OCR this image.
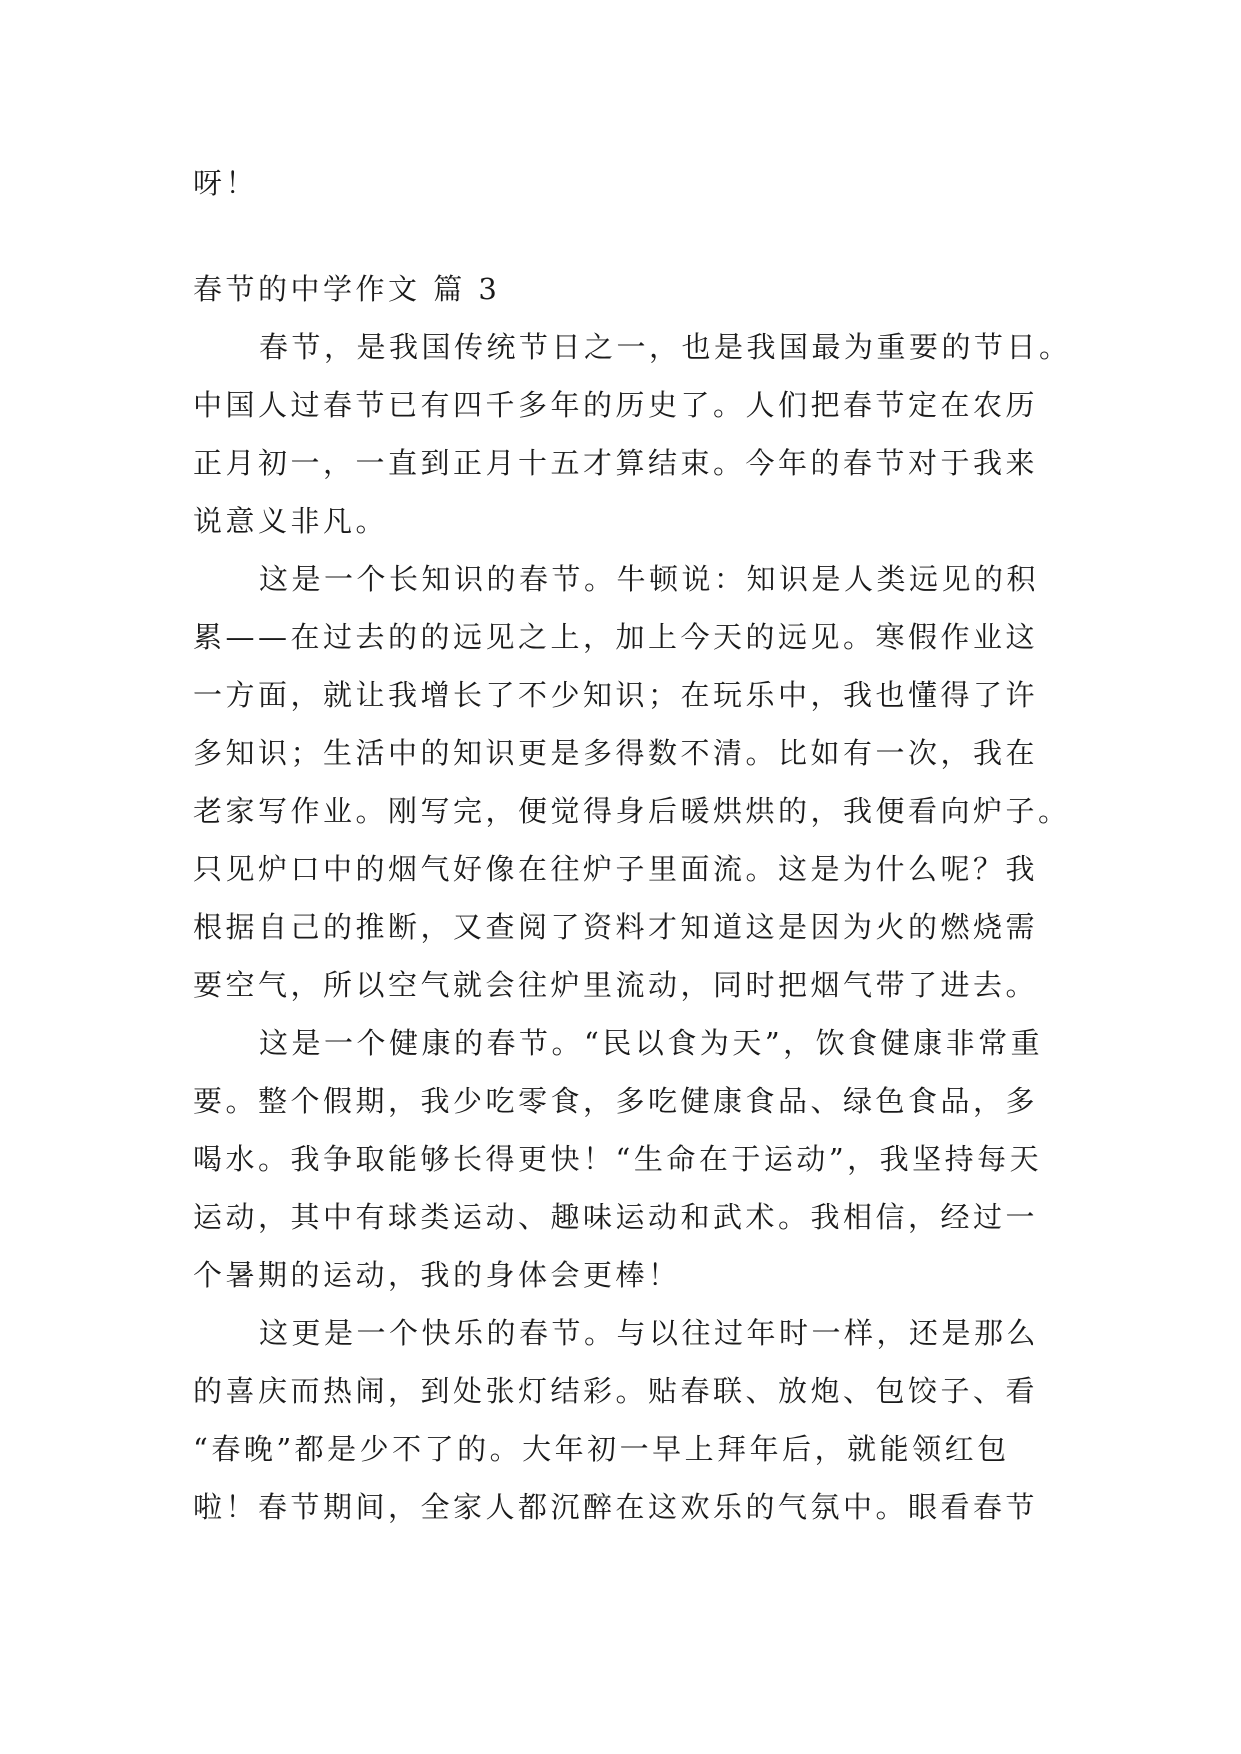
呀！
春节的中学作文 篇 3
春节，是我国传统节日之一，也是我国最为重要的节日。
中国人过春节已有四千多年的历史了。人们把春节定在农历
正月初一，一直到正月十五才算结束。今年的春节对于我来
说意义非凡。
这是一个长知识的春节。牛顿说：知识是人类远见的积
累——在过去的的远见之上，加上今天的远见。寒假作业这
一方面，就让我增长了不少知识；在玩乐中，我也懂得了许
多知识；生活中的知识更是多得数不清。比如有一次，我在
老家写作业。刚写完，便觉得身后暖烘烘的，我便看向炉子。
只见炉口中的烟气好像在往炉子里面流。这是为什么呢？我
根据自己的推断，又查阅了资料才知道这是因为火的燃烧需
要空气，所以空气就会往炉里流动，同时把烟气带了进去。
这是一个健康的春节。“民以食为天”，饮食健康非常重
要。整个假期，我少吃零食，多吃健康食品、绿色食品，多
喝水。我争取能够长得更快！“生命在于运动”，我坚持每天
运动，其中有球类运动、趣味运动和武术。我相信，经过一
个暑期的运动，我的身体会更棒！
这更是一个快乐的春节。与以往过年时一样，还是那么
的喜庆而热闹，到处张灯结彩。贴春联、放炮、包饺子、看
“春晚”都是少不了的。大年初一早上拜年后，就能领红包
啦！春节期间，全家人都沉醉在这欢乐的气氛中。眼看春节
